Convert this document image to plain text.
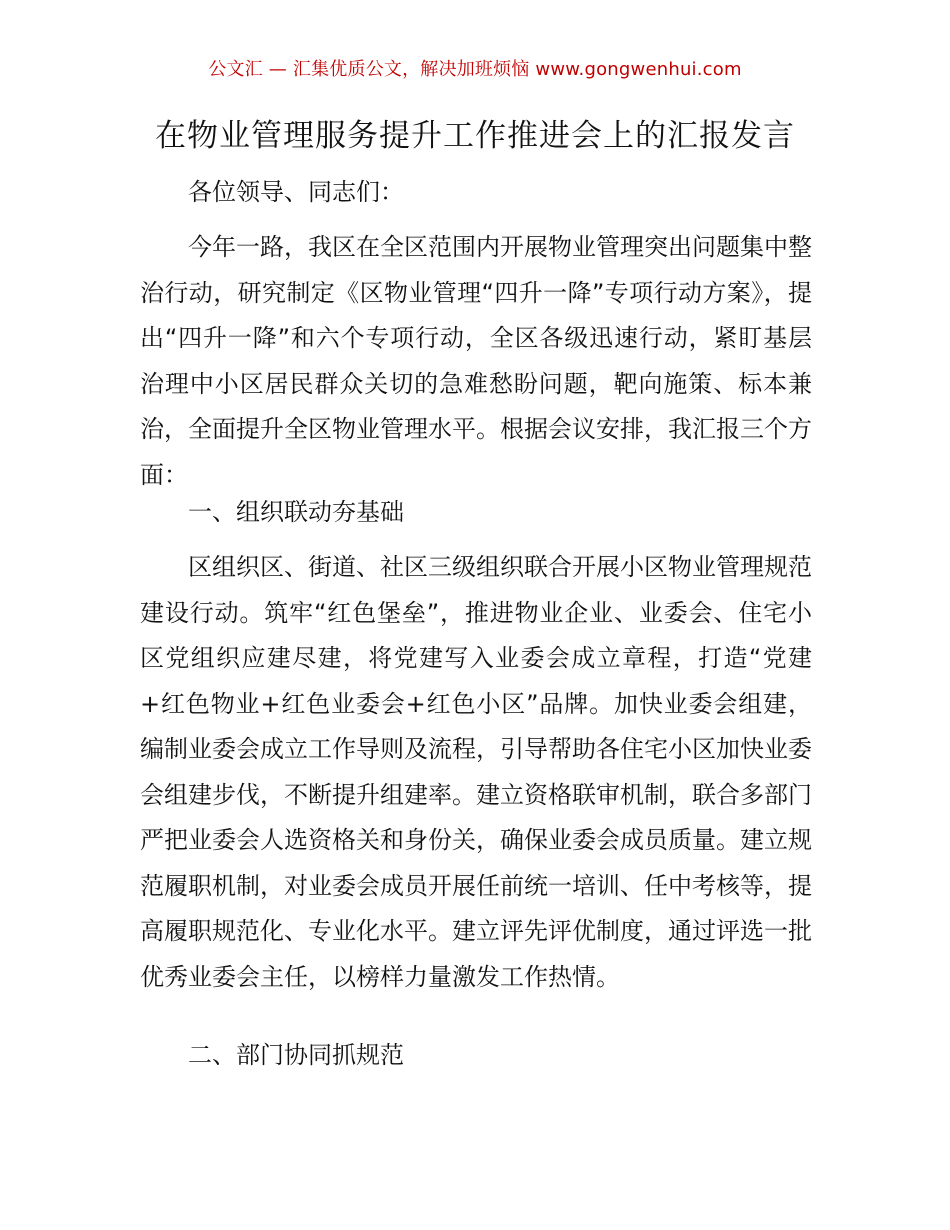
公文汇 — 汇集优质公文，解决加班烦恼 www.gongwenhui.com
在物业管理服务提升工作推进会上的汇报发言
各位领导、同志们：
今年一路，我区在全区范围内开展物业管理突出问题集中整治行动，研究制定《区物业管理“四升一降”专项行动方案》，提出“四升一降”和六个专项行动，全区各级迅速行动，紧盯基层治理中小区居民群众关切的急难愁盼问题，靶向施策、标本兼治，全面提升全区物业管理水平。根据会议安排，我汇报三个方面：
一、组织联动夯基础
区组织区、街道、社区三级组织联合开展小区物业管理规范建设行动。筑牢“红色堡垒”，推进物业企业、业委会、住宅小区党组织应建尽建，将党建写入业委会成立章程，打造“党建+红色物业+红色业委会+红色小区”品牌。加快业委会组建，编制业委会成立工作导则及流程，引导帮助各住宅小区加快业委会组建步伐，不断提升组建率。建立资格联审机制，联合多部门严把业委会人选资格关和身份关，确保业委会成员质量。建立规范履职机制，对业委会成员开展任前统一培训、任中考核等，提高履职规范化、专业化水平。建立评先评优制度，通过评选一批优秀业委会主任，以榜样力量激发工作热情。
二、部门协同抓规范
